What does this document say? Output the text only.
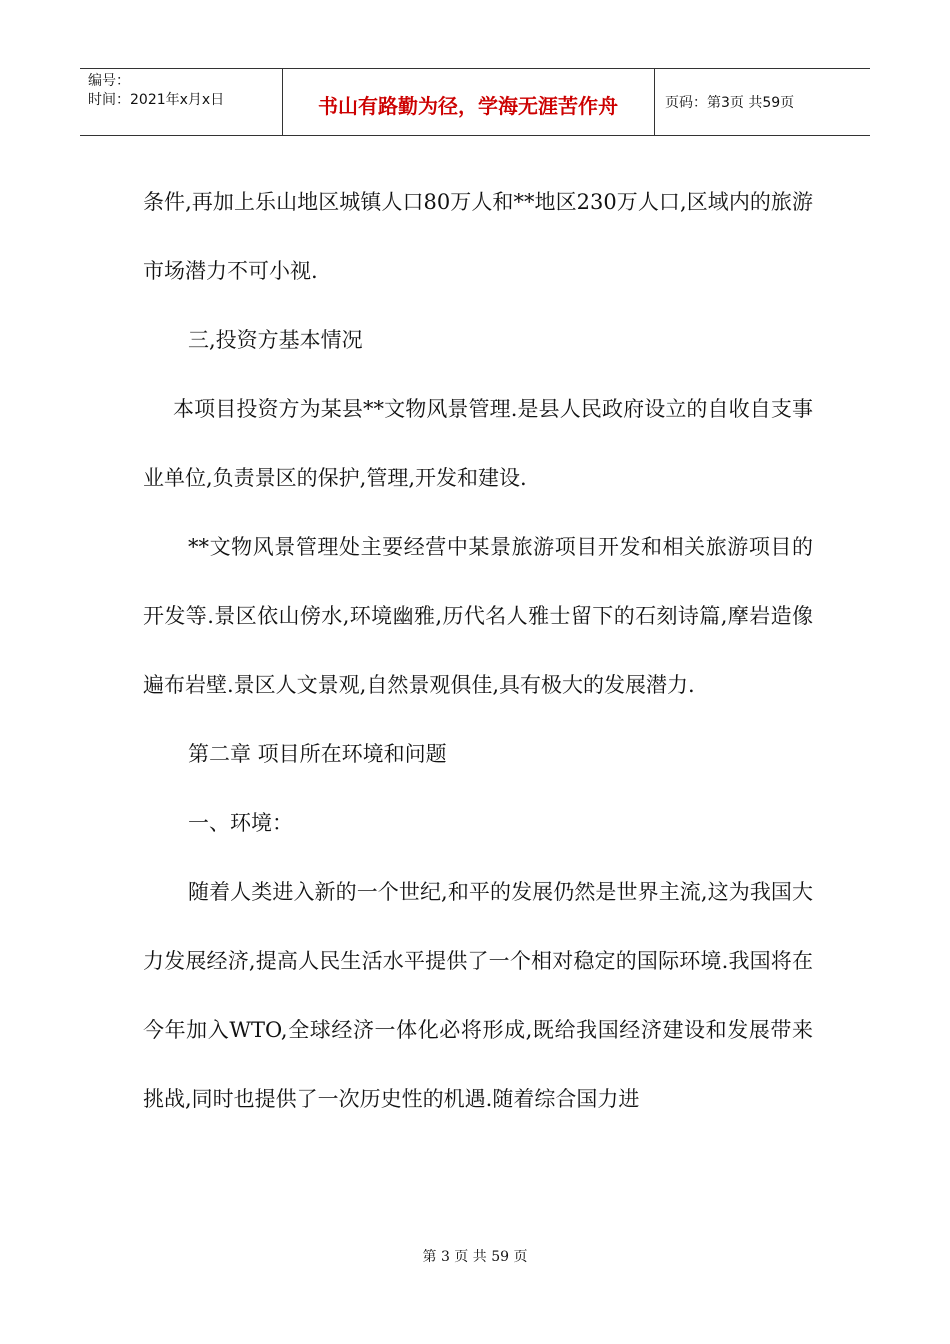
编号：
时间：2021年x月x日	书山有路勤为径，学海无涯苦作舟	页码：第3页 共59页

条件,再加上乐山地区城镇人口80万人和**地区230万人口,区域内的旅游市场潜力不可小视.

三,投资方基本情况

本项目投资方为某县**文物风景管理.是县人民政府设立的自收自支事业单位,负责景区的保护,管理,开发和建设.

**文物风景管理处主要经营中某景旅游项目开发和相关旅游项目的开发等.景区依山傍水,环境幽雅,历代名人雅士留下的石刻诗篇,摩岩造像遍布岩壁.景区人文景观,自然景观俱佳,具有极大的发展潜力.

第二章 项目所在环境和问题

一、环境：

随着人类进入新的一个世纪,和平的发展仍然是世界主流,这为我国大力发展经济,提高人民生活水平提供了一个相对稳定的国际环境.我国将在今年加入WTO,全球经济一体化必将形成,既给我国经济建设和发展带来挑战,同时也提供了一次历史性的机遇.随着综合国力进

第 3 页 共 59 页
